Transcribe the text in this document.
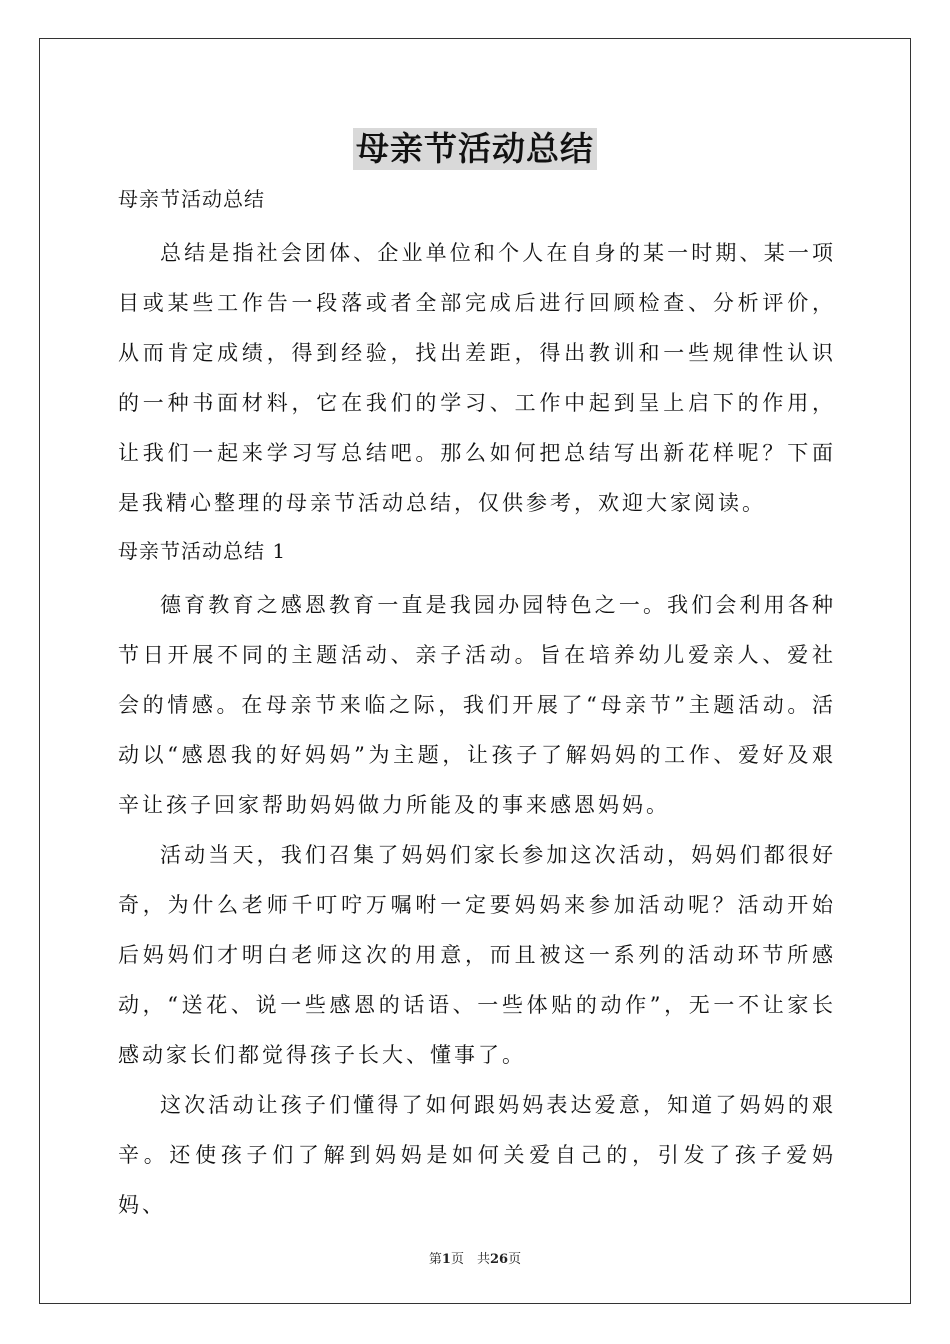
母亲节活动总结
母亲节活动总结

总结是指社会团体、企业单位和个人在自身的某一时期、某一项目或某些工作告一段落或者全部完成后进行回顾检查、分析评价，从而肯定成绩，得到经验，找出差距，得出教训和一些规律性认识的一种书面材料，它在我们的学习、工作中起到呈上启下的作用，让我们一起来学习写总结吧。那么如何把总结写出新花样呢？下面是我精心整理的母亲节活动总结，仅供参考，欢迎大家阅读。

母亲节活动总结 1

德育教育之感恩教育一直是我园办园特色之一。我们会利用各种节日开展不同的主题活动、亲子活动。旨在培养幼儿爱亲人、爱社会的情感。在母亲节来临之际，我们开展了“母亲节”主题活动。活动以“感恩我的好妈妈”为主题，让孩子了解妈妈的工作、爱好及艰辛让孩子回家帮助妈妈做力所能及的事来感恩妈妈。

活动当天，我们召集了妈妈们家长参加这次活动，妈妈们都很好奇，为什么老师千叮咛万嘱咐一定要妈妈来参加活动呢？活动开始后妈妈们才明白老师这次的用意，而且被这一系列的活动环节所感动，“送花、说一些感恩的话语、一些体贴的动作”，无一不让家长感动家长们都觉得孩子长大、懂事了。

这次活动让孩子们懂得了如何跟妈妈表达爱意，知道了妈妈的艰辛。还使孩子们了解到妈妈是如何关爱自己的，引发了孩子爱妈妈、

第1页　共26页
